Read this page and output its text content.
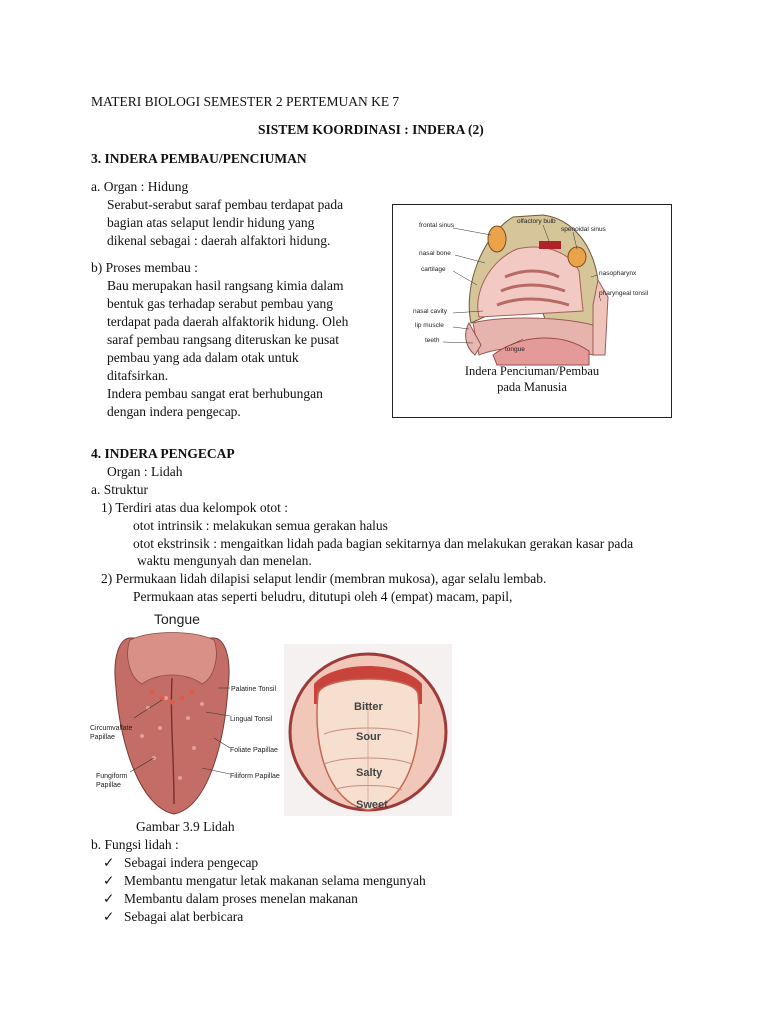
MATERI BIOLOGI SEMESTER 2 PERTEMUAN KE 7
SISTEM KOORDINASI : INDERA (2)
3. INDERA PEMBAU/PENCIUMAN
a. Organ : Hidung
Serabut-serabut saraf pembau terdapat pada
bagian atas selaput lendir hidung yang
dikenal sebagai : daerah alfaktori hidung.
b) Proses membau :
Bau merupakan hasil rangsang kimia dalam
bentuk gas terhadap serabut pembau yang
terdapat pada daerah alfaktorik hidung. Oleh
saraf pembau rangsang diteruskan ke pusat
pembau yang ada dalam otak untuk
ditafsirkan.
Indera pembau sangat erat berhubungan
dengan indera pengecap.
frontal sinus
olfactory bulb
spenoidal sinus
nasal bone
cartilage
nasopharynx
pharyngeal tonsil
nasal cavity
lip muscle
teeth
tongue
Indera Penciuman/Pembau
pada Manusia
4. INDERA PENGECAP
Organ : Lidah
a. Struktur
1) Terdiri atas dua kelompok otot :
otot intrinsik : melakukan semua gerakan halus
otot ekstrinsik : mengaitkan lidah pada bagian sekitarnya dan melakukan gerakan kasar pada
waktu mengunyah dan menelan.
2) Permukaan lidah dilapisi selaput lendir (membran mukosa), agar selalu lembab.
Permukaan atas seperti beludru, ditutupi oleh 4 (empat) macam, papil,
Tongue
Palatine Tonsil
Lingual Tonsil
Circumvallate
Papillae
Foliate Papillae
Fungiform
Papillae
Filiform Papillae
Bitter
Sour
Salty
Sweet
Gambar 3.9 Lidah
b. Fungsi lidah :
✓ Sebagai indera pengecap
✓ Membantu mengatur letak makanan selama mengunyah
✓ Membantu dalam proses menelan makanan
✓ Sebagai alat berbicara
